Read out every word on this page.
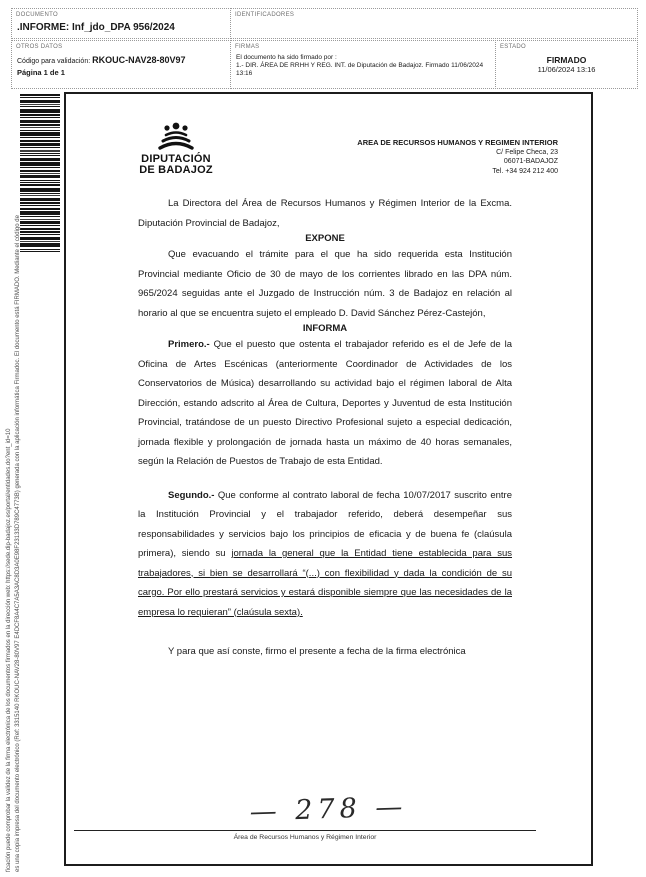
DOCUMENTO
.INFORME: Inf_jdo_DPA 956/2024
IDENTIFICADORES
OTROS DATOS
Código para validación: RKOUC-NAV28-80V97
Página 1 de 1
FIRMAS
El documento ha sido firmado por :
1.- DIR. ÁREA DE RRHH Y REG. INT. de Diputación de Badajoz. Firmado 11/06/2024 13:16
ESTADO
FIRMADO
11/06/2024 13:16
es una copia impresa del documento electrónico (Ref: 3315140 RKOUC-NAV28-80V97 E4DCF8A4C7A5A3AC8D3A0E98F23133D789C4773B) generada con la aplicación informática Firmadoc. El documento está FIRMADO. Mediante el código de
ficación puede comprobar la validez de la firma electrónica de los documentos firmados en la dirección web: https://sede.dip-badajoz.es/portal/entidades.do?ent_id=10
DIPUTACIÓN
DE BADAJOZ
AREA DE RECURSOS HUMANOS Y REGIMEN INTERIOR
C/ Felipe Checa, 23
06071-BADAJOZ
Tel. +34 924 212 400

La Directora del Área de Recursos Humanos y Régimen Interior de la Excma. Diputación Provincial de Badajoz,

EXPONE

Que evacuando el trámite para el que ha sido requerida esta Institución Provincial mediante Oficio de 30 de mayo de los corrientes librado en las DPA núm. 965/2024 seguidas ante el Juzgado de Instrucción núm. 3 de Badajoz en relación al horario al que se encuentra sujeto el empleado D. David Sánchez Pérez-Castejón,

INFORMA

Primero.- Que el puesto que ostenta el trabajador referido es el de Jefe de la Oficina de Artes Escénicas (anteriormente Coordinador de Actividades de los Conservatorios de Música) desarrollando su actividad bajo el régimen laboral de Alta Dirección, estando adscrito al Área de Cultura, Deportes y Juventud de esta Institución Provincial, tratándose de un puesto Directivo Profesional sujeto a especial dedicación, jornada flexible y prolongación de jornada hasta un máximo de 40 horas semanales, según la Relación de Puestos de Trabajo de esta Entidad.

Segundo.- Que conforme al contrato laboral de fecha 10/07/2017 suscrito entre la Institución Provincial y el trabajador referido, deberá desempeñar sus responsabilidades y servicios bajo los principios de eficacia y de buena fe (claúsula primera), siendo su jornada la general que la Entidad tiene establecida para sus trabajadores, si bien se desarrollará “(...) con flexibilidad y dada la condición de su cargo. Por ello prestará servicios y estará disponible siempre que las necesidades de la empresa lo requieran” (claúsula sexta).

Y para que así conste, firmo el presente a fecha de la firma electrónica

— 278 —
Área de Recursos Humanos y Régimen Interior
